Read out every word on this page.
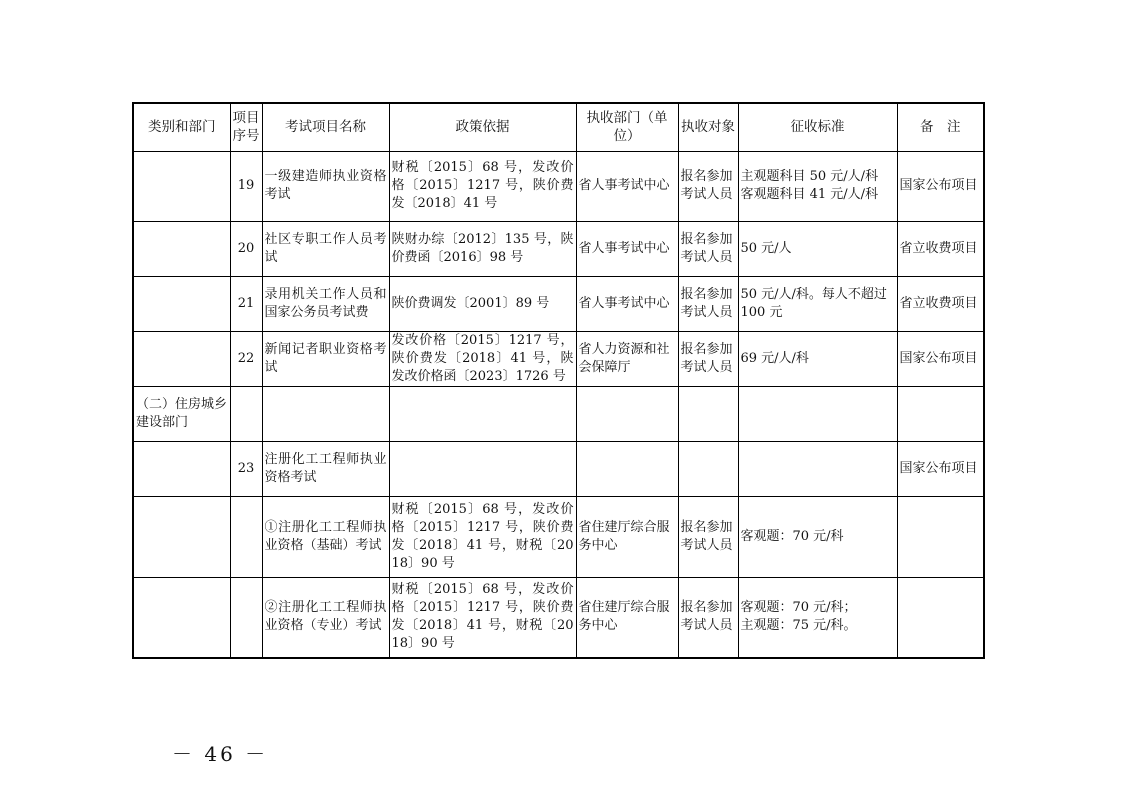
类别和部门	项目序号	考试项目名称	政策依据	执收部门（单位）	执收对象	征收标准	备　注
	19	一级建造师执业资格考试	财税〔2015〕68 号，发改价格〔2015〕1217 号，陕价费发〔2018〕41 号	省人事考试中心	报名参加考试人员	主观题科目 50 元/人/科
客观题科目 41 元/人/科	国家公布项目
	20	社区专职工作人员考试	陕财办综〔2012〕135 号，陕价费函〔2016〕98 号	省人事考试中心	报名参加考试人员	50 元/人	省立收费项目
	21	录用机关工作人员和国家公务员考试费	陕价费调发〔2001〕89 号	省人事考试中心	报名参加考试人员	50 元/人/科。每人不超过 100 元	省立收费项目
	22	新闻记者职业资格考试	发改价格〔2015〕1217 号，陕价费发〔2018〕41 号，陕发改价格函〔2023〕1726 号	省人力资源和社会保障厅	报名参加考试人员	69 元/人/科	国家公布项目
（二）住房城乡建设部门							
	23	注册化工工程师执业资格考试					国家公布项目
		①注册化工工程师执业资格（基础）考试	财税〔2015〕68 号，发改价格〔2015〕1217 号，陕价费发〔2018〕41 号，财税〔2018〕90 号	省住建厅综合服务中心	报名参加考试人员	客观题：70 元/科	
		②注册化工工程师执业资格（专业）考试	财税〔2015〕68 号，发改价格〔2015〕1217 号，陕价费发〔2018〕41 号，财税〔2018〕90 号	省住建厅综合服务中心	报名参加考试人员	客观题：70 元/科；
主观题：75 元/科。	
－ 46 －
